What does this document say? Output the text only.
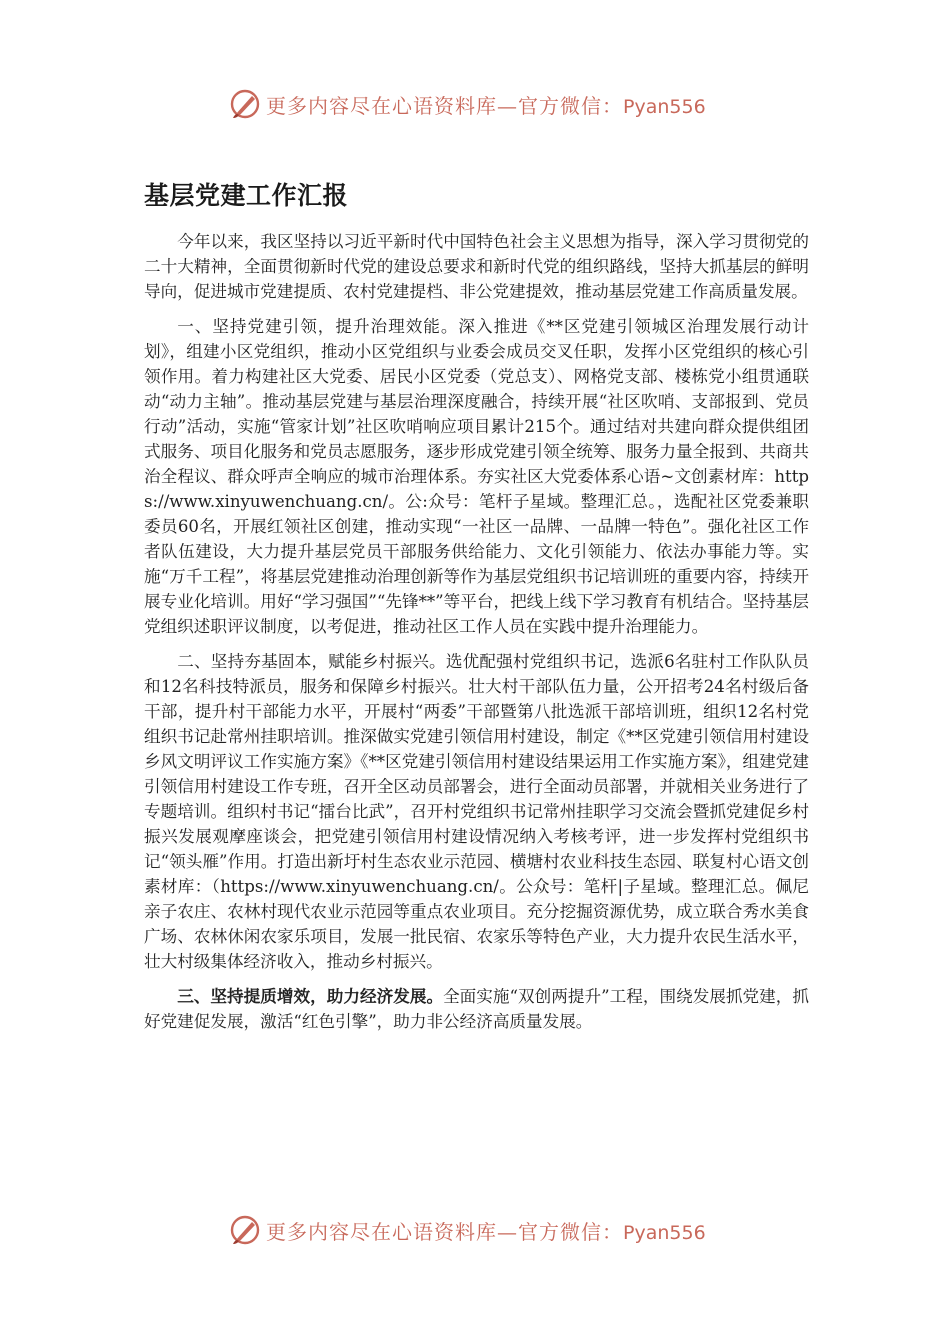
更多内容尽在心语资料库—官方微信：Pyan556
基层党建工作汇报

今年以来，我区坚持以习近平新时代中国特色社会主义思想为指导，深入学习贯彻党的二十大精神，全面贯彻新时代党的建设总要求和新时代党的组织路线，坚持大抓基层的鲜明导向，促进城市党建提质、农村党建提档、非公党建提效，推动基层党建工作高质量发展。

一、坚持党建引领，提升治理效能。深入推进《**区党建引领城区治理发展行动计划》，组建小区党组织，推动小区党组织与业委会成员交叉任职，发挥小区党组织的核心引领作用。着力构建社区大党委、居民小区党委（党总支）、网格党支部、楼栋党小组贯通联动“动力主轴”。推动基层党建与基层治理深度融合，持续开展“社区吹哨、支部报到、党员行动”活动，实施“管家计划”社区吹哨响应项目累计215个。通过结对共建向群众提供组团式服务、项目化服务和党员志愿服务，逐步形成党建引领全统筹、服务力量全报到、共商共治全程议、群众呼声全响应的城市治理体系。夯实社区大党委体系心语~文创素材库：https://www.xinyuwenchuang.cn/。公:众号：笔杆子星域。整理汇总。，选配社区党委兼职委员60名，开展红领社区创建，推动实现“一社区一品牌、一品牌一特色”。强化社区工作者队伍建设，大力提升基层党员干部服务供给能力、文化引领能力、依法办事能力等。实施“万千工程”，将基层党建推动治理创新等作为基层党组织书记培训班的重要内容，持续开展专业化培训。用好“学习强国”“先锋**”等平台，把线上线下学习教育有机结合。坚持基层党组织述职评议制度，以考促进，推动社区工作人员在实践中提升治理能力。

二、坚持夯基固本，赋能乡村振兴。选优配强村党组织书记，选派6名驻村工作队队员和12名科技特派员，服务和保障乡村振兴。壮大村干部队伍力量，公开招考24名村级后备干部，提升村干部能力水平，开展村“两委”干部暨第八批选派干部培训班，组织12名村党组织书记赴常州挂职培训。推深做实党建引领信用村建设，制定《**区党建引领信用村建设乡风文明评议工作实施方案》《**区党建引领信用村建设结果运用工作实施方案》，组建党建引领信用村建设工作专班，召开全区动员部署会，进行全面动员部署，并就相关业务进行了专题培训。组织村书记“擂台比武”，召开村党组织书记常州挂职学习交流会暨抓党建促乡村振兴发展观摩座谈会，把党建引领信用村建设情况纳入考核考评，进一步发挥村党组织书记“领头雁”作用。打造出新圩村生态农业示范园、横塘村农业科技生态园、联复村心语文创素材库：（https://www.xinyuwenchuang.cn/。公众号：笔杆|子星域。整理汇总。佩尼亲子农庄、农林村现代农业示范园等重点农业项目。充分挖掘资源优势，成立联合秀水美食广场、农林休闲农家乐项目，发展一批民宿、农家乐等特色产业，大力提升农民生活水平，壮大村级集体经济收入，推动乡村振兴。

三、坚持提质增效，助力经济发展。全面实施“双创两提升”工程，围绕发展抓党建，抓好党建促发展，激活“红色引擎”，助力非公经济高质量发展。

更多内容尽在心语资料库—官方微信：Pyan556
